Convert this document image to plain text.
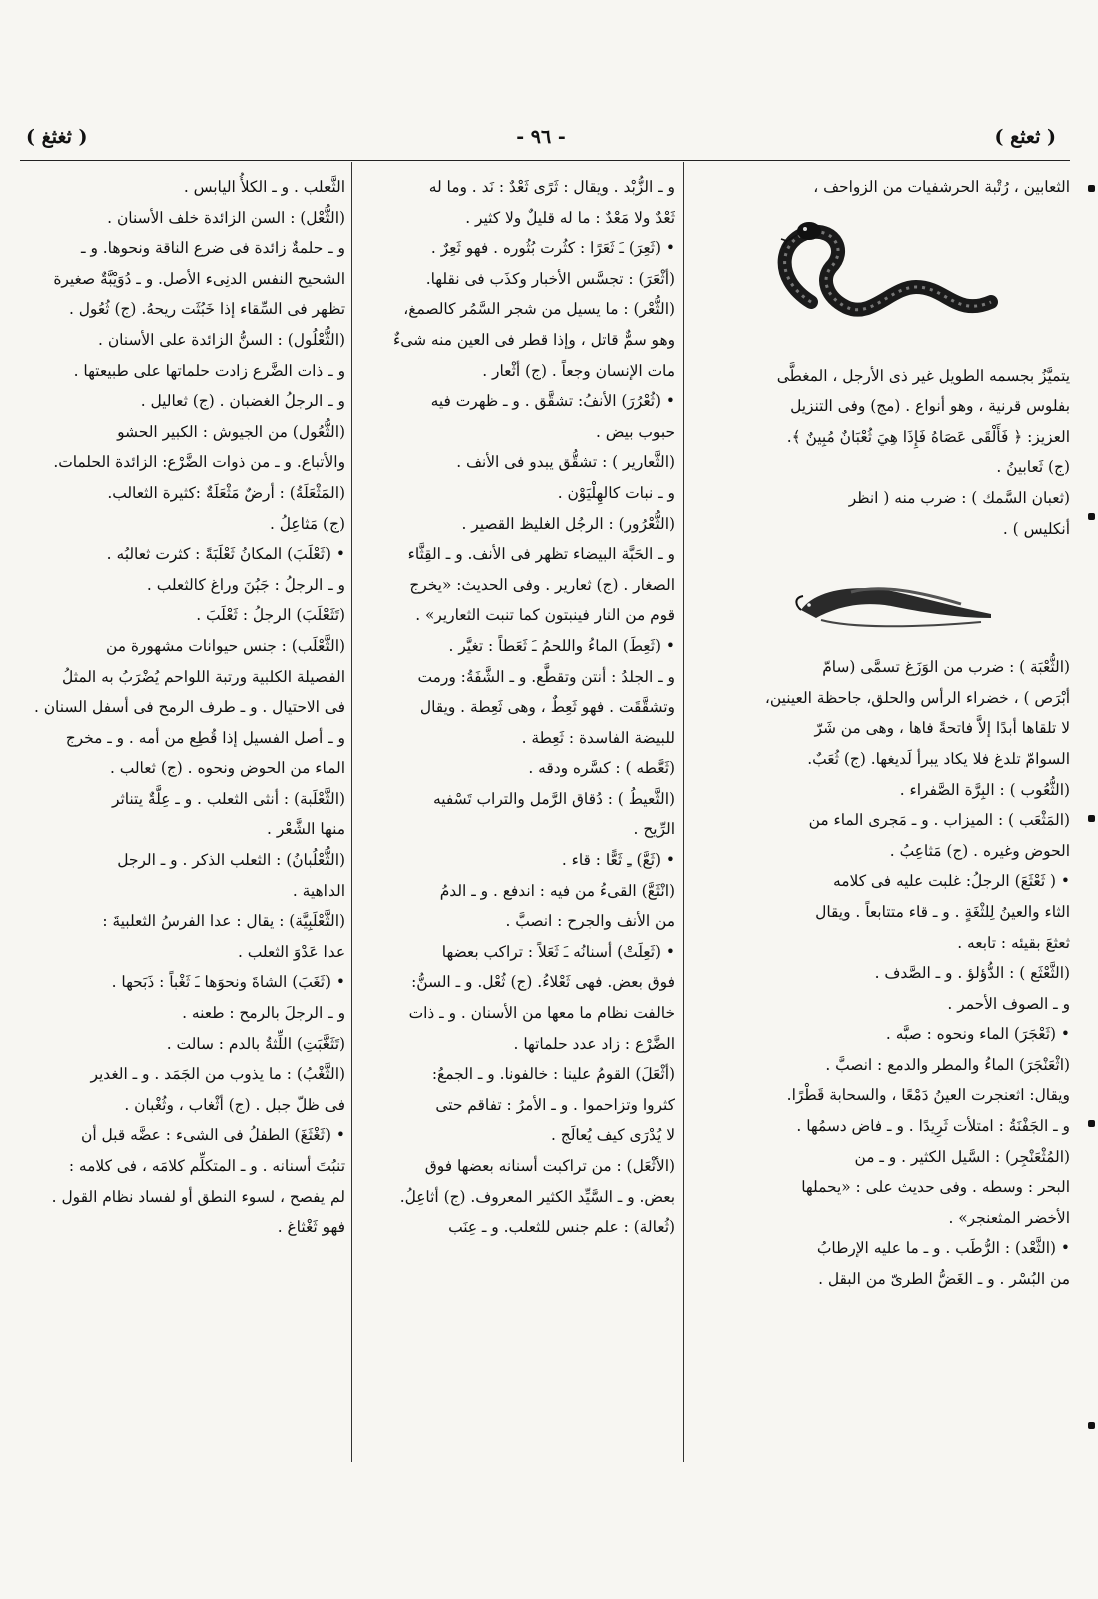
( ثعثع )
- ٩٦ -
( ثغثغ )

الثعابين ، رُتْبة الحرشفيات من الزواحف ،

يتميَّزُ بجسمه الطويل غير ذى الأرجل ، المغطَّى

بفلوس قرنية ، وهو أنواع . (مج) وفى التنزيل

العزيز: ﴿ فَأَلْقَى عَصَاهُ فَإِذَا هِيَ ثُعْبَانٌ مُبِينٌ ﴾.

(ج) ثَعابينُ .

(ثعبان السَّمك ) : ضرب منه ( انظر

أنكليس ) .

(الثُّعْبَة ) : ضرب من الوَزَغ تسمَّى (سامّ

أبْرَص ) ، خضراء الرأس والحلق، جاحظة العينين،

لا تلقاها أبدًا إلاَّ فاتحةً فاها ، وهى من شَرّ

السوامّ تلدغ فلا يكاد يبرأ لَديغها. (ج) ثُعَبٌ.

(الثُّعُوب ) : البِرَّة الصَّفراء .

(المَثْعَب ) : الميزاب . و ـ مَجرى الماء من

الحوض وغيره . (ج) مَثاعِبُ .

• ( ثَعْثَعَ) الرجلُ: غلبت عليه فى كلامه

الثاء والعينُ لِلثْغَةٍ . و ـ قاء متتابعاً . ويقال

ثعثعَ بقيئه : تابعه .

(الثَّعْثَع ) : الدُّؤلؤ . و ـ الصَّدف .

و ـ الصوف الأحمر .

• (ثَعْجَرَ) الماء ونحوه : صبَّه .

(اثْعَنْجَرَ) الماءُ والمطر والدمع : انصبَّ .

ويقال: اثعنجرت العينُ دَمْعًا ، والسحابة قَطْرًا.

و ـ الجَفْنَةُ : امتلأت ثَرِيدًا . و ـ فاض دسمُها .

(المُثْعَنْجِر) : السَّيل الكثير . و ـ من

البحر : وسطه . وفى حديث على : «يحملها

الأخضر المثعنجر» .

• (الثَّعْد) : الرُّطَب . و ـ ما عليه الإرطابُ

من البُسْر . و ـ الغَضُّ الطرىّ من البقل .

و ـ الزُّبْد . ويقال : ثَرًى ثَعْدٌ : نَد . وما له

ثَعْدٌ ولا مَعْدٌ : ما له قليلٌ ولا كثير .

• (ثَعِرَ) ـَ ثَعَرًا : كثُرت بُثُوره . فهو ثَعِرٌ .

(أثْعَرَ) : تجسَّس الأخبار وكذَب فى نقلها.

(الثُّعْر) : ما يسيل من شجر السَّمُر كالصمغ،

وهو سمٌّ قاتل ، وإذا قطر فى العين منه شىءٌ

مات الإنسان وجعاً . (ج) أثْعار .

• (ثُعْرُرَ) الأنفُ: تشقَّق . و ـ ظهرت فيه

حبوب بيض .

(الثَّعارير ) : تشقُّق يبدو فى الأنف .

و ـ نبات كالهِلْيَوْن .

(الثُّعْرُور) : الرجُل الغليظ القصير .

و ـ الحَبَّة البيضاء تظهر فى الأنف. و ـ القِثَّاء

الصغار . (ج) ثعارير . وفى الحديث: «يخرج

قوم من النار فينبتون كما تنبت الثعارير» .

• (ثَعِطَ) الماءُ واللحمُ ـَ ثَعَطاً : تغيَّر .

و ـ الجلدُ : أنتن وتقطَّع. و ـ الشَّفَةُ: ورمت

وتشقَّقَت . فهو ثَعِطٌ ، وهى ثَعِطة . ويقال

للبيضة الفاسدة : ثَعِطة .

(ثَعَّطه ) : كسَّره ودقه .

(الثَّعيطُ ) : دُقاق الرَّمل والتراب تَسْفيه

الرِّيح .

• (ثَعَّ) ـِ ثَعًّا : قاء .

(انْثَعَّ) القىءُ من فيه : اندفع . و ـ الدمُ

من الأنف والجرح : انصبَّ .

• (ثَعِلَتْ) أسنانُه ـَ ثَعَلاً : تراكب بعضها

فوق بعض. فهى ثَعْلاءُ. (ج) ثُعْل. و ـ السنُّ:

خالفت نظام ما معها من الأسنان . و ـ ذات

الضَّرْع : زاد عدد حلماتها .

(أثْعَلَ) القومُ علينا : خالفونا. و ـ الجمعُ:

كثروا وتزاحموا . و ـ الأمرُ : تفاقم حتى

لا يُدْرَى كيف يُعالَج .

(الأثْعَل) : من تراكبت أسنانه بعضها فوق

بعض. و ـ السَّيِّد الكثير المعروف. (ج) أثاعِلُ.

(ثُعالة) : علم جنس للثعلب. و ـ عِنَب

الثَّعلب . و ـ الكلأُ اليابس .

(الثُّعْل) : السن الزائدة خلف الأسنان .

و ـ حلمةٌ زائدة فى ضرع الناقة ونحوها. و ـ

الشحيح النفس الدنِىء الأصل. و ـ دُوَيْبَّةٌ صغيرة

تظهر فى السِّقاء إذا خَبُثَت ريحهُ. (ج) ثُعُول .

(الثُّعْلُول) : السنُّ الزائدة على الأسنان .

و ـ ذات الضَّرع زادت حلماتها على طبيعتها .

و ـ الرجلُ الغضبان . (ج) ثعاليل .

(الثُّعُول) من الجيوش : الكبير الحشو

والأتباع. و ـ من ذوات الضَّرْع: الزائدة الحلمات.

(المَثْعَلَةُ) : أرضٌ مَثْعَلَةٌ :كثيرة الثعالب.

(ج) مَثاعِلُ .

• (ثَعْلَبَ) المكانُ ثَعْلَبَةً : كثرت ثعالبُه .

و ـ الرجلُ : جَبُنَ وراغ كالثعلب .

(تَثَعْلَبَ) الرجلُ : ثَعْلَبَ .

(الثَّعْلَب) : جنس حيوانات مشهورة من

الفصيلة الكلبية ورتبة اللواحم يُضْرَبُ به المثلُ

فى الاحتيال . و ـ طرف الرمح فى أسفل السنان .

و ـ أصل الفسيل إذا قُطِع من أمه . و ـ مخرج

الماء من الحوض ونحوه . (ج) ثعالب .

(الثَّعْلَبة) : أنثى الثعلب . و ـ عِلَّةٌ يتناثر

منها الشَّعْر .

(الثُّعْلُبانُ) : الثعلب الذكر . و ـ الرجل

الداهية .

(الثَّعْلَبِيَّة) : يقال : عدا الفرسُ الثعلبيةَ :

عدا عَدْوَ الثعلب .

• (ثَغَبَ) الشاةَ ونحوَها ـَ ثَغْباً : ذَبَحها .

و ـ الرجلَ بالرمح : طعنه .

(تَثَغَّبَتِ) اللِّثةُ بالدم : سالت .

(الثَّغْبُ) : ما يذوب من الجَمَد . و ـ الغدير

فى ظلّ جبل . (ج) أثْغاب ، وثُغْبان .

• (ثَغْثَغَ) الطفلُ فى الشىء : عضَّه قبل أن

تنبُتَ أسنانه . و ـ المتكلِّم كلامَه ، فى كلامه :

لم يفصح ، لسوء النطق أو لفساد نظام القول .

فهو ثَغْثاغ .
